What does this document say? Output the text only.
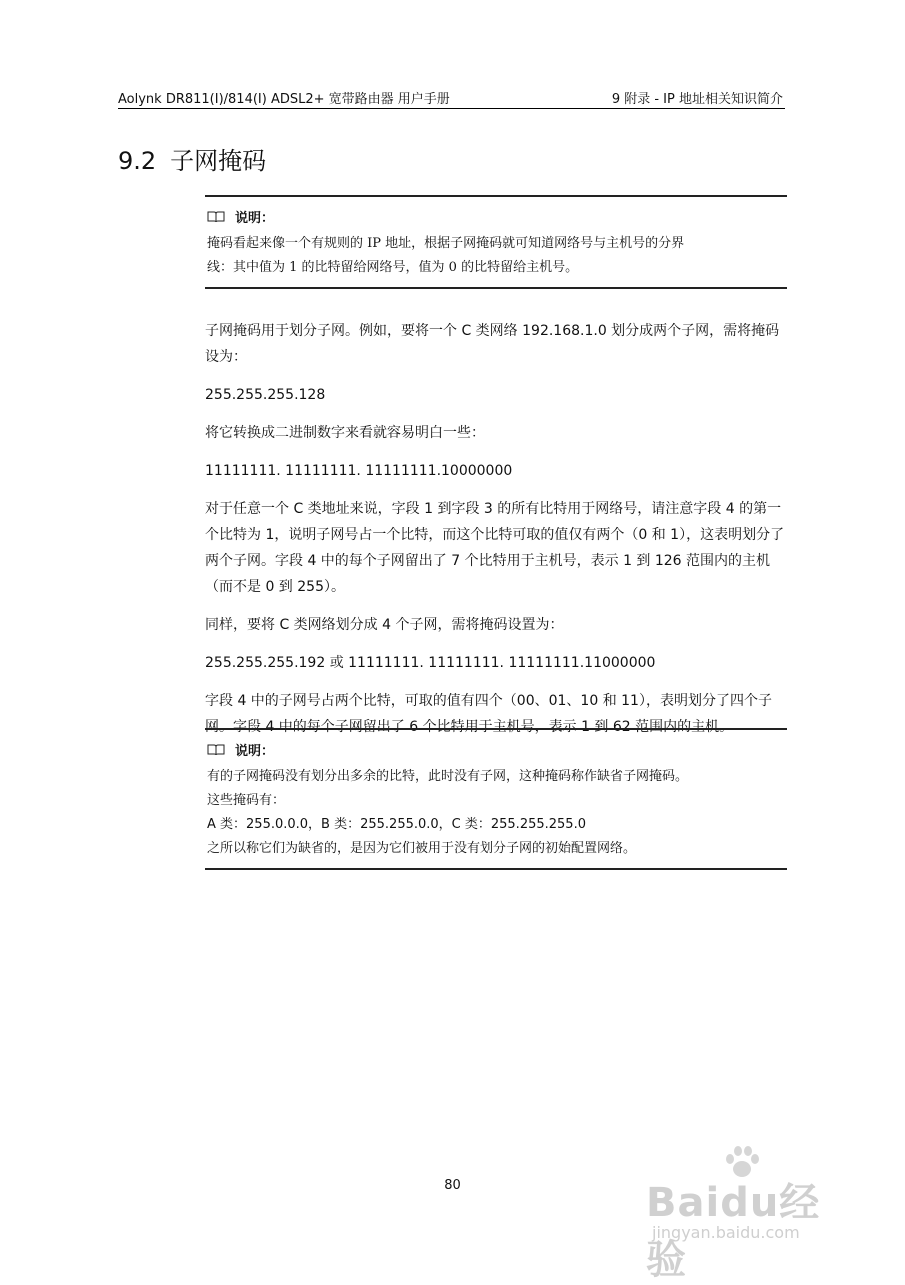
Aolynk DR811(I)/814(I) ADSL2+ 宽带路由器 用户手册	9 附录 - IP 地址相关知识简介
9.2 子网掩码
说明：

掩码看起来像一个有规则的 IP 地址，根据子网掩码就可知道网络号与主机号的分界

线：其中值为 1 的比特留给网络号，值为 0 的比特留给主机号。

子网掩码用于划分子网。例如，要将一个 C 类网络 192.168.1.0 划分成两个子网，需将掩码设为：

255.255.255.128

将它转换成二进制数字来看就容易明白一些：

11111111. 11111111. 11111111.10000000

对于任意一个 C 类地址来说，字段 1 到字段 3 的所有比特用于网络号，请注意字段 4 的第一个比特为 1，说明子网号占一个比特，而这个比特可取的值仅有两个（0 和 1），这表明划分了两个子网。字段 4 中的每个子网留出了 7 个比特用于主机号，表示 1 到 126 范围内的主机（而不是 0 到 255）。

同样，要将 C 类网络划分成 4 个子网，需将掩码设置为：

255.255.255.192 或 11111111. 11111111. 11111111.11000000

字段 4 中的子网号占两个比特，可取的值有四个（00、01、10 和 11），表明划分了四个子网。字段 4 中的每个子网留出了 6 个比特用于主机号，表示 1 到 62 范围内的主机。

说明：

有的子网掩码没有划分出多余的比特，此时没有子网，这种掩码称作缺省子网掩码。

这些掩码有：

A 类：255.0.0.0，B 类：255.255.0.0，C 类：255.255.255.0

之所以称它们为缺省的，是因为它们被用于没有划分子网的初始配置网络。

80	Baidu经验
jingyan.baidu.com
